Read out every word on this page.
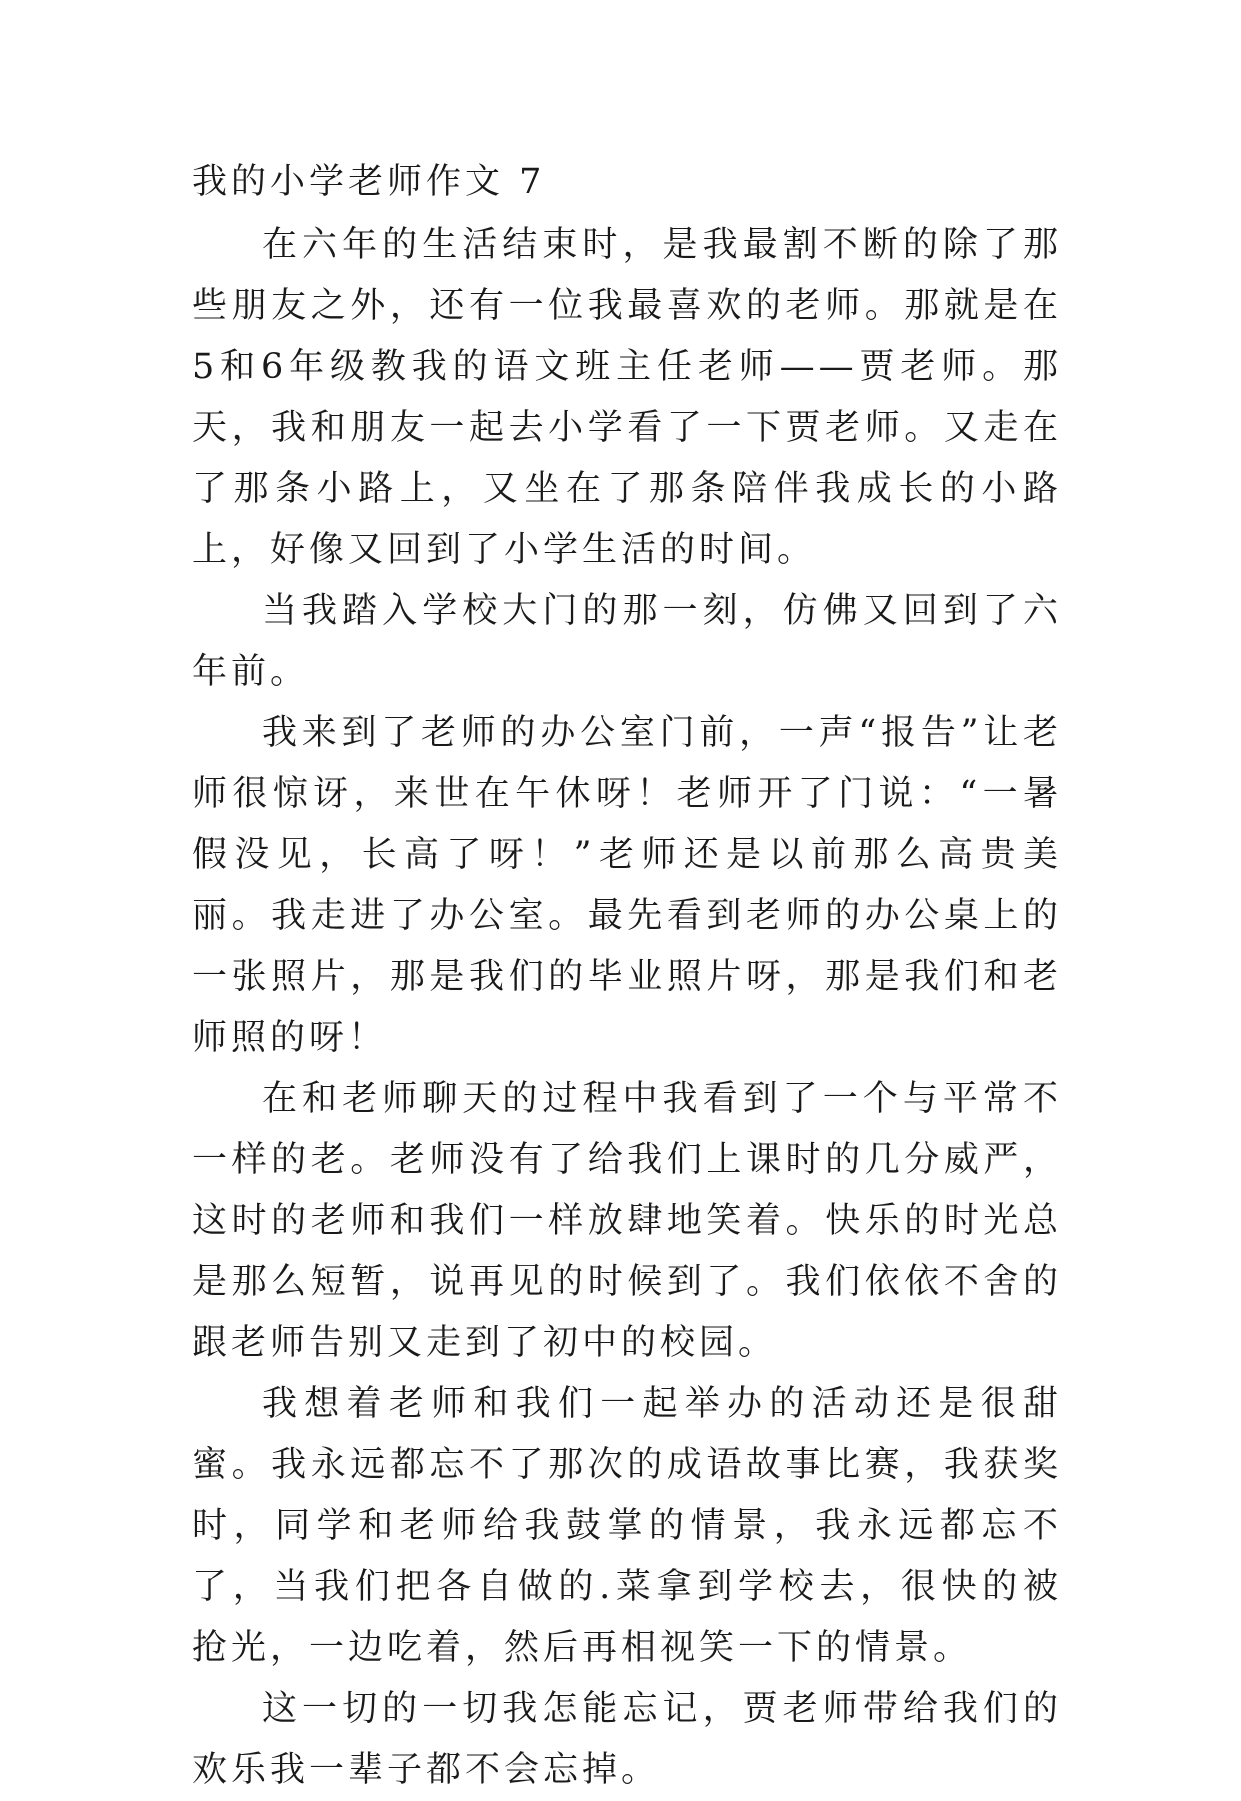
我的小学老师作文 7

在六年的生活结束时，是我最割不断的除了那些朋友之外，还有一位我最喜欢的老师。那就是在5和6年级教我的语文班主任老师——贾老师。那天，我和朋友一起去小学看了一下贾老师。又走在了那条小路上，又坐在了那条陪伴我成长的小路上，好像又回到了小学生活的时间。

当我踏入学校大门的那一刻，仿佛又回到了六年前。

我来到了老师的办公室门前，一声“报告”让老师很惊讶，来世在午休呀！老师开了门说：“一暑假没见，长高了呀！”老师还是以前那么高贵美丽。我走进了办公室。最先看到老师的办公桌上的一张照片，那是我们的毕业照片呀，那是我们和老师照的呀！

在和老师聊天的过程中我看到了一个与平常不一样的老。老师没有了给我们上课时的几分威严，这时的老师和我们一样放肆地笑着。快乐的时光总是那么短暂，说再见的时候到了。我们依依不舍的跟老师告别又走到了初中的校园。

我想着老师和我们一起举办的活动还是很甜蜜。我永远都忘不了那次的成语故事比赛，我获奖时，同学和老师给我鼓掌的情景，我永远都忘不了，当我们把各自做的.菜拿到学校去，很快的被抢光，一边吃着，然后再相视笑一下的情景。

这一切的一切我怎能忘记，贾老师带给我们的欢乐我一辈子都不会忘掉。
